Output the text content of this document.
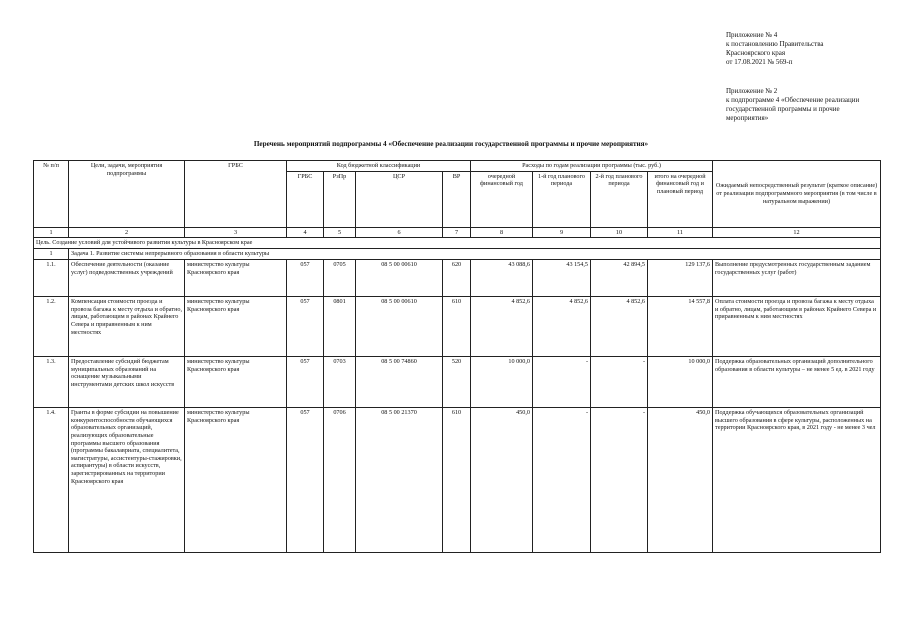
Приложение № 4
к постановлению Правительства
Красноярского края
от 17.08.2021 № 569-п
Приложение № 2
к подпрограмме 4 «Обеспечение реализации
государственной программы и прочие
мероприятия»
Перечень мероприятий подпрограммы 4 «Обеспечение реализации государственной программы и прочие мероприятия»
№ п/п	Цели, задачи, мероприятия подпрограммы	ГРБС	Код бюджетной классификации				Расходы по годам реализации программы (тыс. руб.)				Ожидаемый непосредственный результат (краткое описание) от реализации подпрограммного мероприятия (в том числе в натуральном выражении)
			ГРБС	РзПр	ЦСР	ВР	очередной финансовый год	1-й год планового периода	2-й год планового периода	итого на очередной финансовый год и плановый период	
1	2	3	4	5	6	7	8	9	10	11	12
Цель. Создание условий для устойчивого развития культуры в Красноярском крае											
1	Задача 1. Развитие системы непрерывного образования в области культуры										
1.1.	Обеспечение деятельности (оказание услуг) подведомственных учреждений	министерство культуры Красноярского края	057	0705	08 5 00 00610	620	43 088,6	43 154,5	42 894,5	129 137,6	Выполнение предусмотренных государственным заданием государственных услуг (работ)
1.2.	Компенсация стоимости проезда и провоза багажа к месту отдыха и обратно, лицам, работающим в районах Крайнего Севера и приравненным к ним местностях	министерство культуры Красноярского края	057	0801	08 5 00 00610	610	4 852,6	4 852,6	4 852,6	14 557,8	Оплата стоимости проезда и провоза багажа к месту отдыха и обратно, лицам, работающим в районах Крайнего Севера и приравненным к ним местностях
1.3.	Предоставление субсидий бюджетам муниципальных образований на оснащение музыкальными инструментами детских школ искусств	министерство культуры Красноярского края	057	0703	08 5 00 74860	520	10 000,0	-	-	10 000,0	Поддержка образовательных организаций дополнительного образования в области культуры – не менее 5 ед. в 2021 году
1.4.	Гранты в форме субсидии на повышение конкурентоспособности обучающихся образовательных организаций, реализующих образовательные программы высшего образования (программы бакалавриата, специалитета, магистратуры, ассистентуры-стажировки, аспирантуры) в области искусств, зарегистрированных на территории Красноярского края	министерство культуры Красноярского края	057	0706	08 5 00 21370	610	450,0	-	-	450,0	Поддержка обучающихся образовательных организаций высшего образования в сфере культуры, расположенных на территории Красноярского края, в 2021 году - не менее 3 чел
